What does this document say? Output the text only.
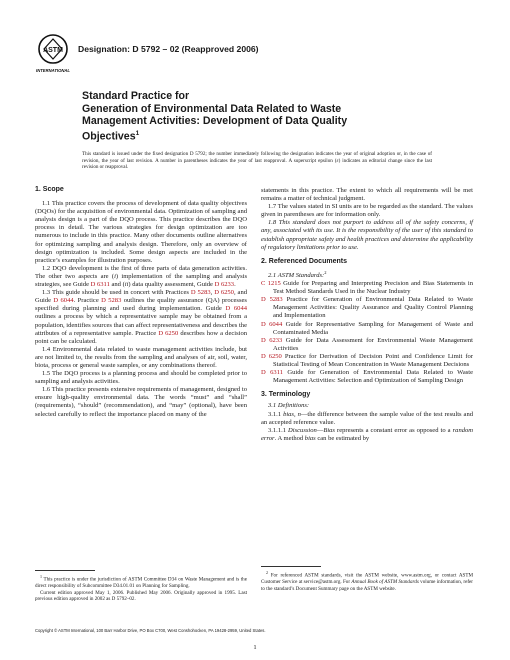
ASTM
INTERNATIONAL
Designation: D 5792 – 02 (Reapproved 2006)
Standard Practice for
Generation of Environmental Data Related to Waste
Management Activities: Development of Data Quality
Objectives$^1$
This standard is issued under the fixed designation D 5792; the number immediately following the designation indicates the year of original adoption or, in the case of revision, the year of last revision. A number in parentheses indicates the year of last reapproval. A superscript epsilon (ε) indicates an editorial change since the last revision or reapproval.
1. Scope

1.1 This practice covers the process of development of data quality objectives (DQOs) for the acquisition of environmental data. Optimization of sampling and analysis design is a part of the DQO process. This practice describes the DQO process in detail. The various strategies for design optimization are too numerous to include in this practice. Many other documents outline alternatives for optimizing sampling and analysis design. Therefore, only an overview of design optimization is included. Some design aspects are included in the practice’s examples for illustration purposes.

1.2 DQO development is the first of three parts of data generation activities. The other two aspects are (i) implementation of the sampling and analysis strategies, see Guide D 6311 and (ii) data quality assessment, Guide D 6233.

1.3 This guide should be used in concert with Practices D 5283, D 6250, and Guide D 6044. Practice D 5283 outlines the quality assurance (QA) processes specified during planning and used during implementation. Guide D 6044 outlines a process by which a representative sample may be obtained from a population, identifies sources that can affect representativeness and describes the attributes of a representative sample. Practice D 6250 describes how a decision point can be calculated.

1.4 Environmental data related to waste management activities include, but are not limited to, the results from the sampling and analyses of air, soil, water, biota, process or general waste samples, or any combinations thereof.

1.5 The DQO process is a planning process and should be completed prior to sampling and analysis activities.

1.6 This practice presents extensive requirements of management, designed to ensure high-quality environmental data. The words “must” and “shall” (requirements), “should” (recommendation), and “may” (optional), have been selected carefully to reflect the importance placed on many of the

statements in this practice. The extent to which all requirements will be met remains a matter of technical judgment.

1.7 The values stated in SI units are to be regarded as the standard. The values given in parentheses are for information only.

1.8 This standard does not purport to address all of the safety concerns, if any, associated with its use. It is the responsibility of the user of this standard to establish appropriate safety and health practices and determine the applicability of regulatory limitations prior to use.

2. Referenced Documents

2.1 ASTM Standards:$^2$

C 1215 Guide for Preparing and Interpreting Precision and Bias Statements in Test Method Standards Used in the Nuclear Industry

D 5283 Practice for Generation of Environmental Data Related to Waste Management Activities: Quality Assurance and Quality Control Planning and Implementation

D 6044 Guide for Representative Sampling for Management of Waste and Contaminated Media

D 6233 Guide for Data Assessment for Environmental Waste Management Activities

D 6250 Practice for Derivation of Decision Point and Confidence Limit for Statistical Testing of Mean Concentration in Waste Management Decisions

D 6311 Guide for Generation of Environmental Data Related to Waste Management Activities: Selection and Optimization of Sampling Design

3. Terminology

3.1 Definitions:

3.1.1 bias, n—the difference between the sample value of the test results and an accepted reference value.

3.1.1.1 Discussion—Bias represents a constant error as opposed to a random error. A method bias can be estimated by

$^1$ This practice is under the jurisdiction of ASTM Committee D34 on Waste Management and is the direct responsibility of Subcommittee D34.01.01 on Planning for Sampling.

Current edition approved May 1, 2006. Published May 2006. Originally approved in 1995. Last previous edition approved in 2002 as D 5792–02.

$^2$ For referenced ASTM standards, visit the ASTM website, www.astm.org, or contact ASTM Customer Service at service@astm.org. For Annual Book of ASTM Standards volume information, refer to the standard’s Document Summary page on the ASTM website.

Copyright © ASTM International, 100 Barr Harbor Drive, PO Box C700, West Conshohocken, PA 19428-2959, United States.
1
